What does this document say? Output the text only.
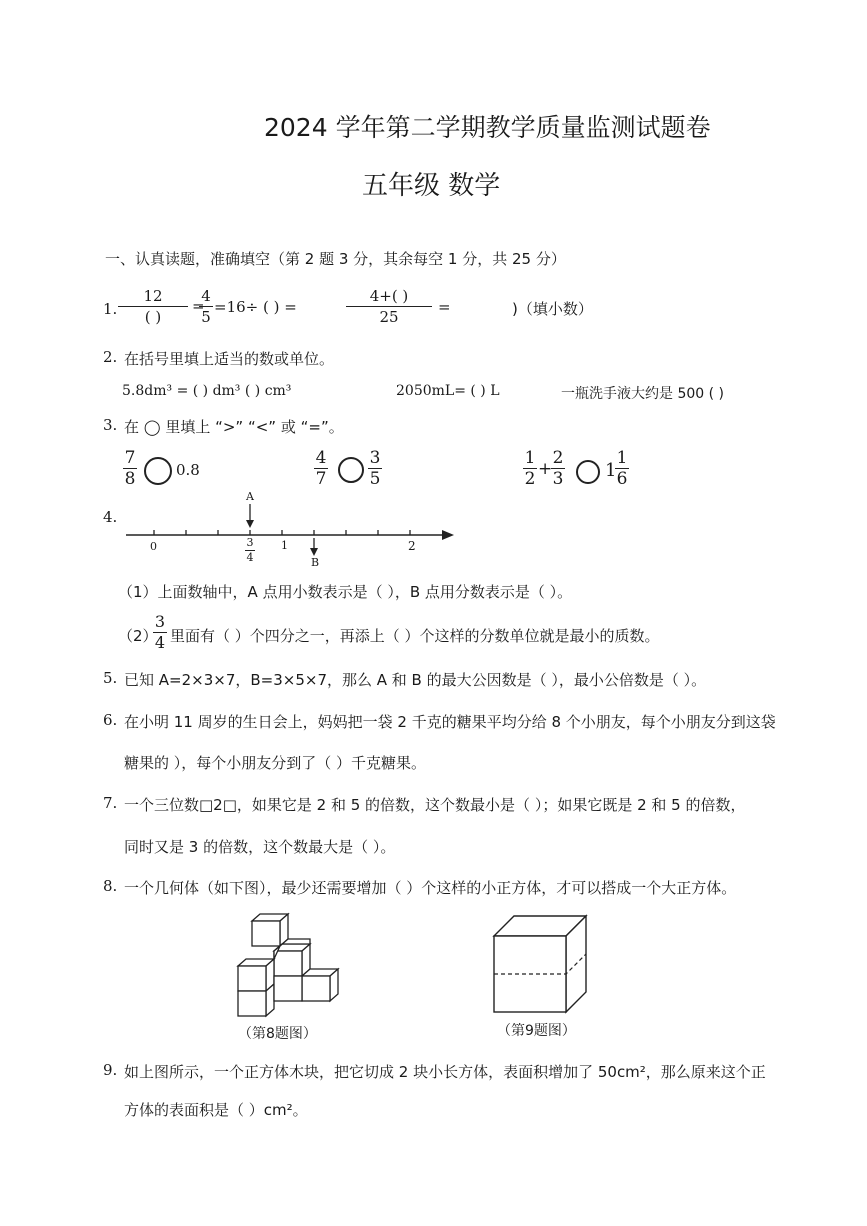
2024 学年第二学期教学质量监测试题卷
五年级 数学
一、认真读题，准确填空（第 2 题 3 分，其余每空 1 分，共 25 分）
1.
12
( )
=
4
5
=16÷ ( ) =
4+( )
25
=	)（填小数）
2. 在括号里填上适当的数或单位。
5.8dm³ = ( ) dm³ ( ) cm³	2050mL= ( ) L	一瓶洗手液大约是 500 ( )
3. 在 ◯ 里填上 “>” “<” 或 “=”。
7
8	0.8
4
7
3
5
1
2 +
2
3 1
1
6
4.
A
B
0	1	2
3
4
（1）上面数轴中，A 点用小数表示是（ ），B 点用分数表示是（ ）。
（2）
3
4 里面有（ ）个四分之一，再添上（ ）个这样的分数单位就是最小的质数。
5. 已知 A=2×3×7，B=3×5×7，那么 A 和 B 的最大公因数是（ ），最小公倍数是（ ）。
6. 在小明 11 周岁的生日会上，妈妈把一袋 2 千克的糖果平均分给 8 个小朋友，每个小朋友分到这袋
糖果的 ），每个小朋友分到了（ ）千克糖果。
7. 一个三位数□2□，如果它是 2 和 5 的倍数，这个数最小是（ ）；如果它既是 2 和 5 的倍数，
同时又是 3 的倍数，这个数最大是（ ）。
8. 一个几何体（如下图），最少还需要增加（ ）个这样的小正方体，才可以搭成一个大正方体。
（第8题图）	（第9题图）
9. 如上图所示，一个正方体木块，把它切成 2 块小长方体，表面积增加了 50cm²，那么原来这个正
方体的表面积是（ ）cm²。
